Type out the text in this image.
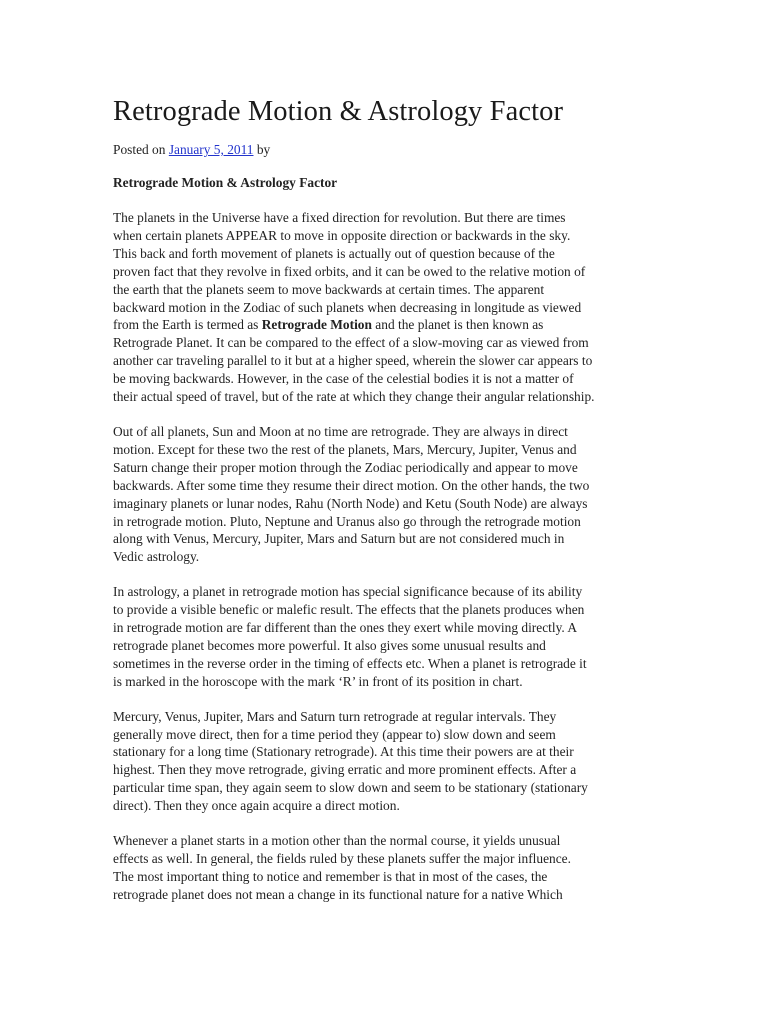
Retrograde Motion & Astrology Factor
Posted on January 5, 2011 by

Retrograde Motion & Astrology Factor

The planets in the Universe have a fixed direction for revolution. But there are times
when certain planets APPEAR to move in opposite direction or backwards in the sky.
This back and forth movement of planets is actually out of question because of the
proven fact that they revolve in fixed orbits, and it can be owed to the relative motion of
the earth that the planets seem to move backwards at certain times. The apparent
backward motion in the Zodiac of such planets when decreasing in longitude as viewed
from the Earth is termed as Retrograde Motion and the planet is then known as
Retrograde Planet. It can be compared to the effect of a slow-moving car as viewed from
another car traveling parallel to it but at a higher speed, wherein the slower car appears to
be moving backwards. However, in the case of the celestial bodies it is not a matter of
their actual speed of travel, but of the rate at which they change their angular relationship.

Out of all planets, Sun and Moon at no time are retrograde. They are always in direct
motion. Except for these two the rest of the planets, Mars, Mercury, Jupiter, Venus and
Saturn change their proper motion through the Zodiac periodically and appear to move
backwards. After some time they resume their direct motion. On the other hands, the two
imaginary planets or lunar nodes, Rahu (North Node) and Ketu (South Node) are always
in retrograde motion. Pluto, Neptune and Uranus also go through the retrograde motion
along with Venus, Mercury, Jupiter, Mars and Saturn but are not considered much in
Vedic astrology.

In astrology, a planet in retrograde motion has special significance because of its ability
to provide a visible benefic or malefic result. The effects that the planets produces when
in retrograde motion are far different than the ones they exert while moving directly. A
retrograde planet becomes more powerful. It also gives some unusual results and
sometimes in the reverse order in the timing of effects etc. When a planet is retrograde it
is marked in the horoscope with the mark ‘R’ in front of its position in chart.

Mercury, Venus, Jupiter, Mars and Saturn turn retrograde at regular intervals. They
generally move direct, then for a time period they (appear to) slow down and seem
stationary for a long time (Stationary retrograde). At this time their powers are at their
highest. Then they move retrograde, giving erratic and more prominent effects. After a
particular time span, they again seem to slow down and seem to be stationary (stationary
direct). Then they once again acquire a direct motion.

Whenever a planet starts in a motion other than the normal course, it yields unusual
effects as well. In general, the fields ruled by these planets suffer the major influence.
The most important thing to notice and remember is that in most of the cases, the
retrograde planet does not mean a change in its functional nature for a native Which
